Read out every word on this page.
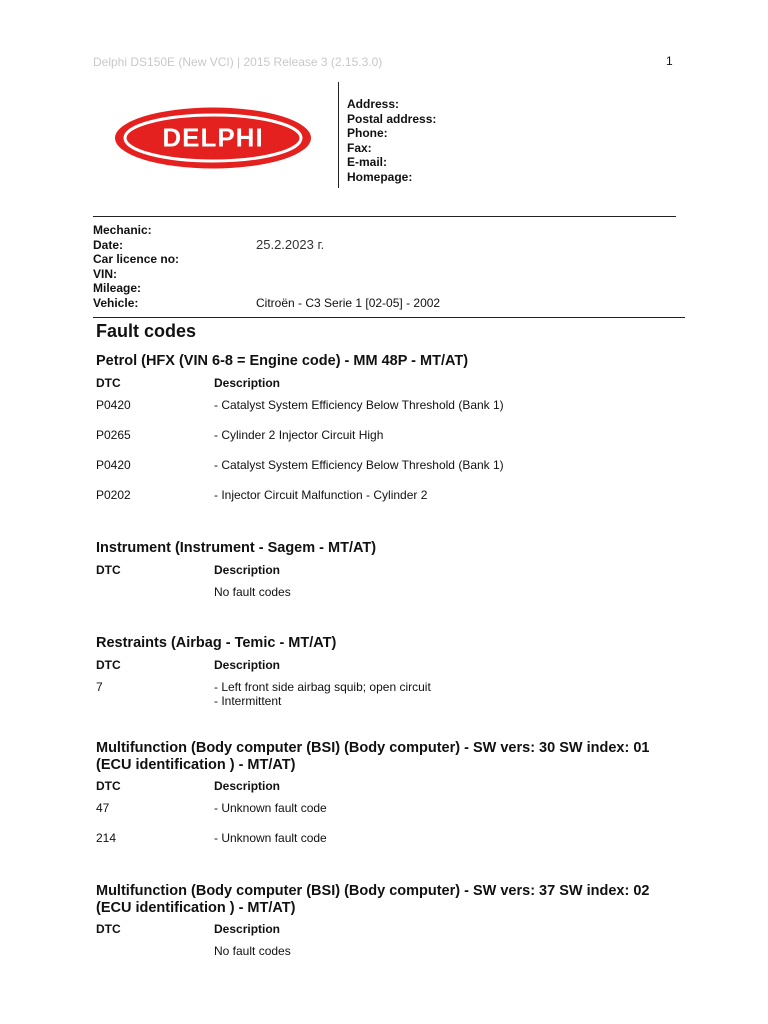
Delphi DS150E (New VCI) | 2015 Release 3 (2.15.3.0)	1
DELPHI
Address:
Postal address:
Phone:
Fax:
E-mail:
Homepage:
Mechanic:
Date:	25.2.2023 г.
Car licence no:
VIN:
Mileage:
Vehicle:	Citroën - C3 Serie 1 [02-05] - 2002
Fault codes
Petrol (HFX (VIN 6-8 = Engine code) - MM 48P - MT/AT)
DTC	Description
P0420	- Catalyst System Efficiency Below Threshold (Bank 1)
P0265	- Cylinder 2 Injector Circuit High
P0420	- Catalyst System Efficiency Below Threshold (Bank 1)
P0202	- Injector Circuit Malfunction - Cylinder 2
Instrument (Instrument - Sagem - MT/AT)
DTC	Description
No fault codes
Restraints (Airbag - Temic - MT/AT)
DTC	Description
7	- Left front side airbag squib; open circuit
- Intermittent
Multifunction (Body computer (BSI) (Body computer) - SW vers: 30 SW index: 01 (ECU identification ) - MT/AT)
DTC	Description
47	- Unknown fault code
214	- Unknown fault code
Multifunction (Body computer (BSI) (Body computer) - SW vers: 37 SW index: 02 (ECU identification ) - MT/AT)
DTC	Description
No fault codes
